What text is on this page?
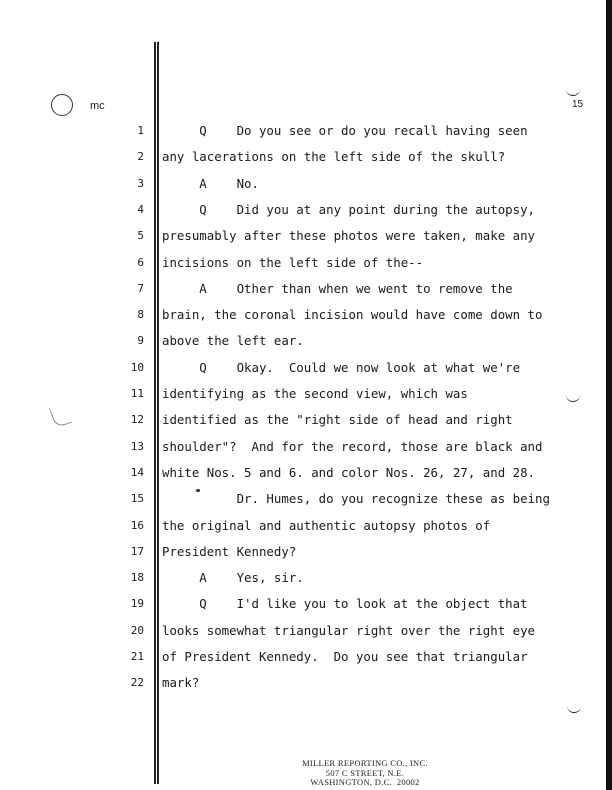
mc	15
1 Q    Do you see or do you recall having seen
2 any lacerations on the left side of the skull?
3 A    No.
4 Q    Did you at any point during the autopsy,
5 presumably after these photos were taken, make any
6 incisions on the left side of the--
7 A    Other than when we went to remove the
8 brain, the coronal incision would have come down to
9 above the left ear.
10 Q    Okay.  Could we now look at what we're
11 identifying as the second view, which was
12 identified as the "right side of head and right
13 shoulder"?  And for the record, those are black and
14 white Nos. 5 and 6. and color Nos. 26, 27, and 28.
15 Dr. Humes, do you recognize these as being
16 the original and authentic autopsy photos of
17 President Kennedy?
18 A    Yes, sir.
19 Q    I'd like you to look at the object that
20 looks somewhat triangular right over the right eye
21 of President Kennedy.  Do you see that triangular
22 mark?
MILLER REPORTING CO., INC.
507 C STREET, N.E.
WASHINGTON, D.C.  20002
